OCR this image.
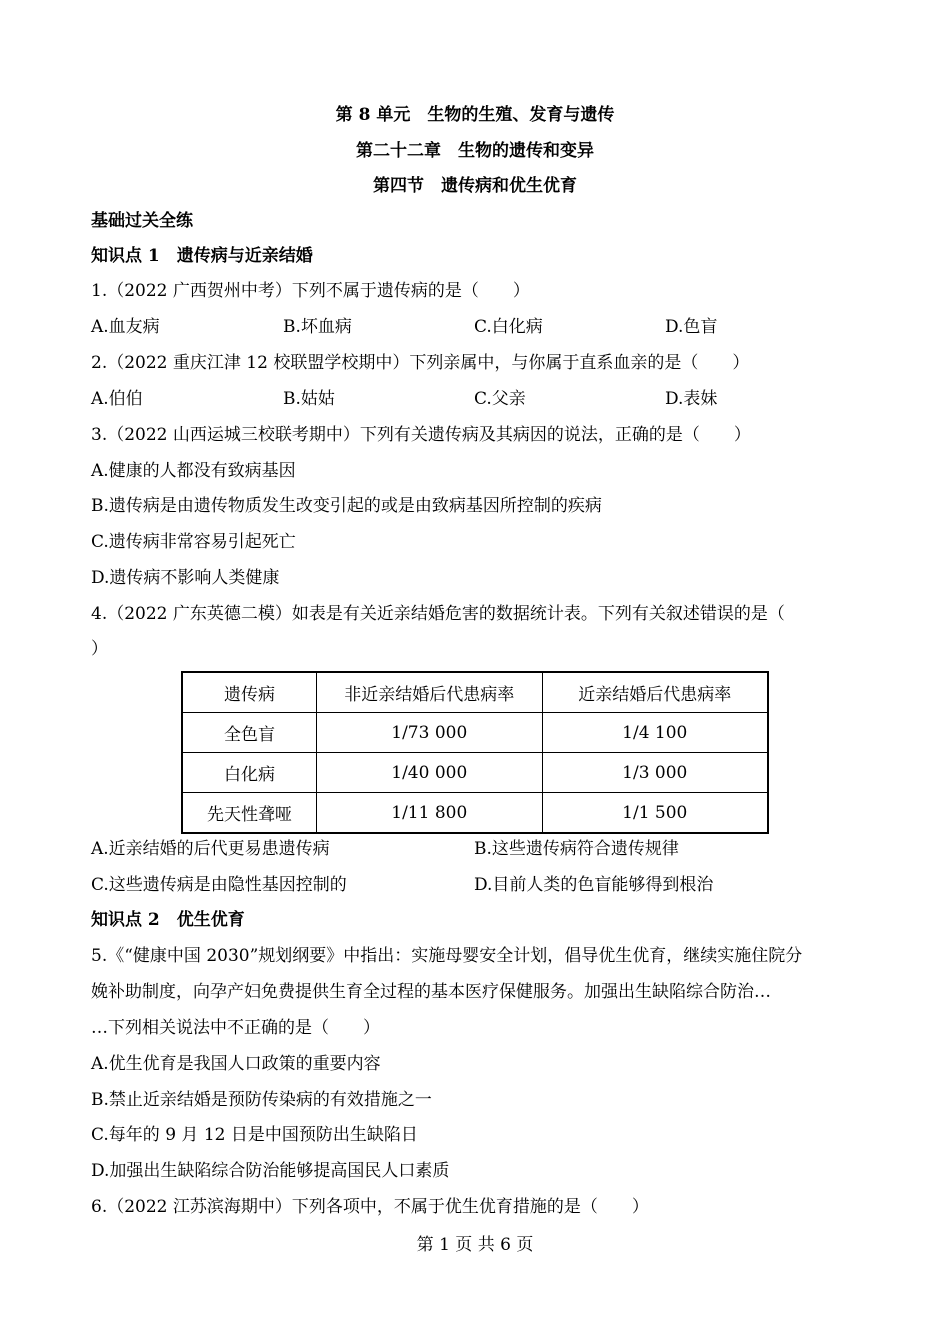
第 8 单元　生物的生殖、发育与遗传
第二十二章　生物的遗传和变异
第四节　遗传病和优生优育
基础过关全练
知识点 1　遗传病与近亲结婚
1.（2022 广西贺州中考）下列不属于遗传病的是（　　）
A.血友病	B.坏血病	C.白化病	D.色盲
2.（2022 重庆江津 12 校联盟学校期中）下列亲属中，与你属于直系血亲的是（　　）
A.伯伯	B.姑姑	C.父亲	D.表妹
3.（2022 山西运城三校联考期中）下列有关遗传病及其病因的说法，正确的是（　　）
A.健康的人都没有致病基因
B.遗传病是由遗传物质发生改变引起的或是由致病基因所控制的疾病
C.遗传病非常容易引起死亡
D.遗传病不影响人类健康
4.（2022 广东英德二模）如表是有关近亲结婚危害的数据统计表。下列有关叙述错误的是（
）
遗传病	非近亲结婚后代患病率	近亲结婚后代患病率
全色盲	1/73 000	1/4 100
白化病	1/40 000	1/3 000
先天性聋哑	1/11 800	1/1 500
A.近亲结婚的后代更易患遗传病	B.这些遗传病符合遗传规律
C.这些遗传病是由隐性基因控制的	D.目前人类的色盲能够得到根治
知识点 2　优生优育
5.《“健康中国 2030”规划纲要》中指出：实施母婴安全计划，倡导优生优育，继续实施住院分
娩补助制度，向孕产妇免费提供生育全过程的基本医疗保健服务。加强出生缺陷综合防治…
…下列相关说法中不正确的是（　　）
A.优生优育是我国人口政策的重要内容
B.禁止近亲结婚是预防传染病的有效措施之一
C.每年的 9 月 12 日是中国预防出生缺陷日
D.加强出生缺陷综合防治能够提高国民人口素质
6.（2022 江苏滨海期中）下列各项中，不属于优生优育措施的是（　　）
第 1 页 共 6 页
